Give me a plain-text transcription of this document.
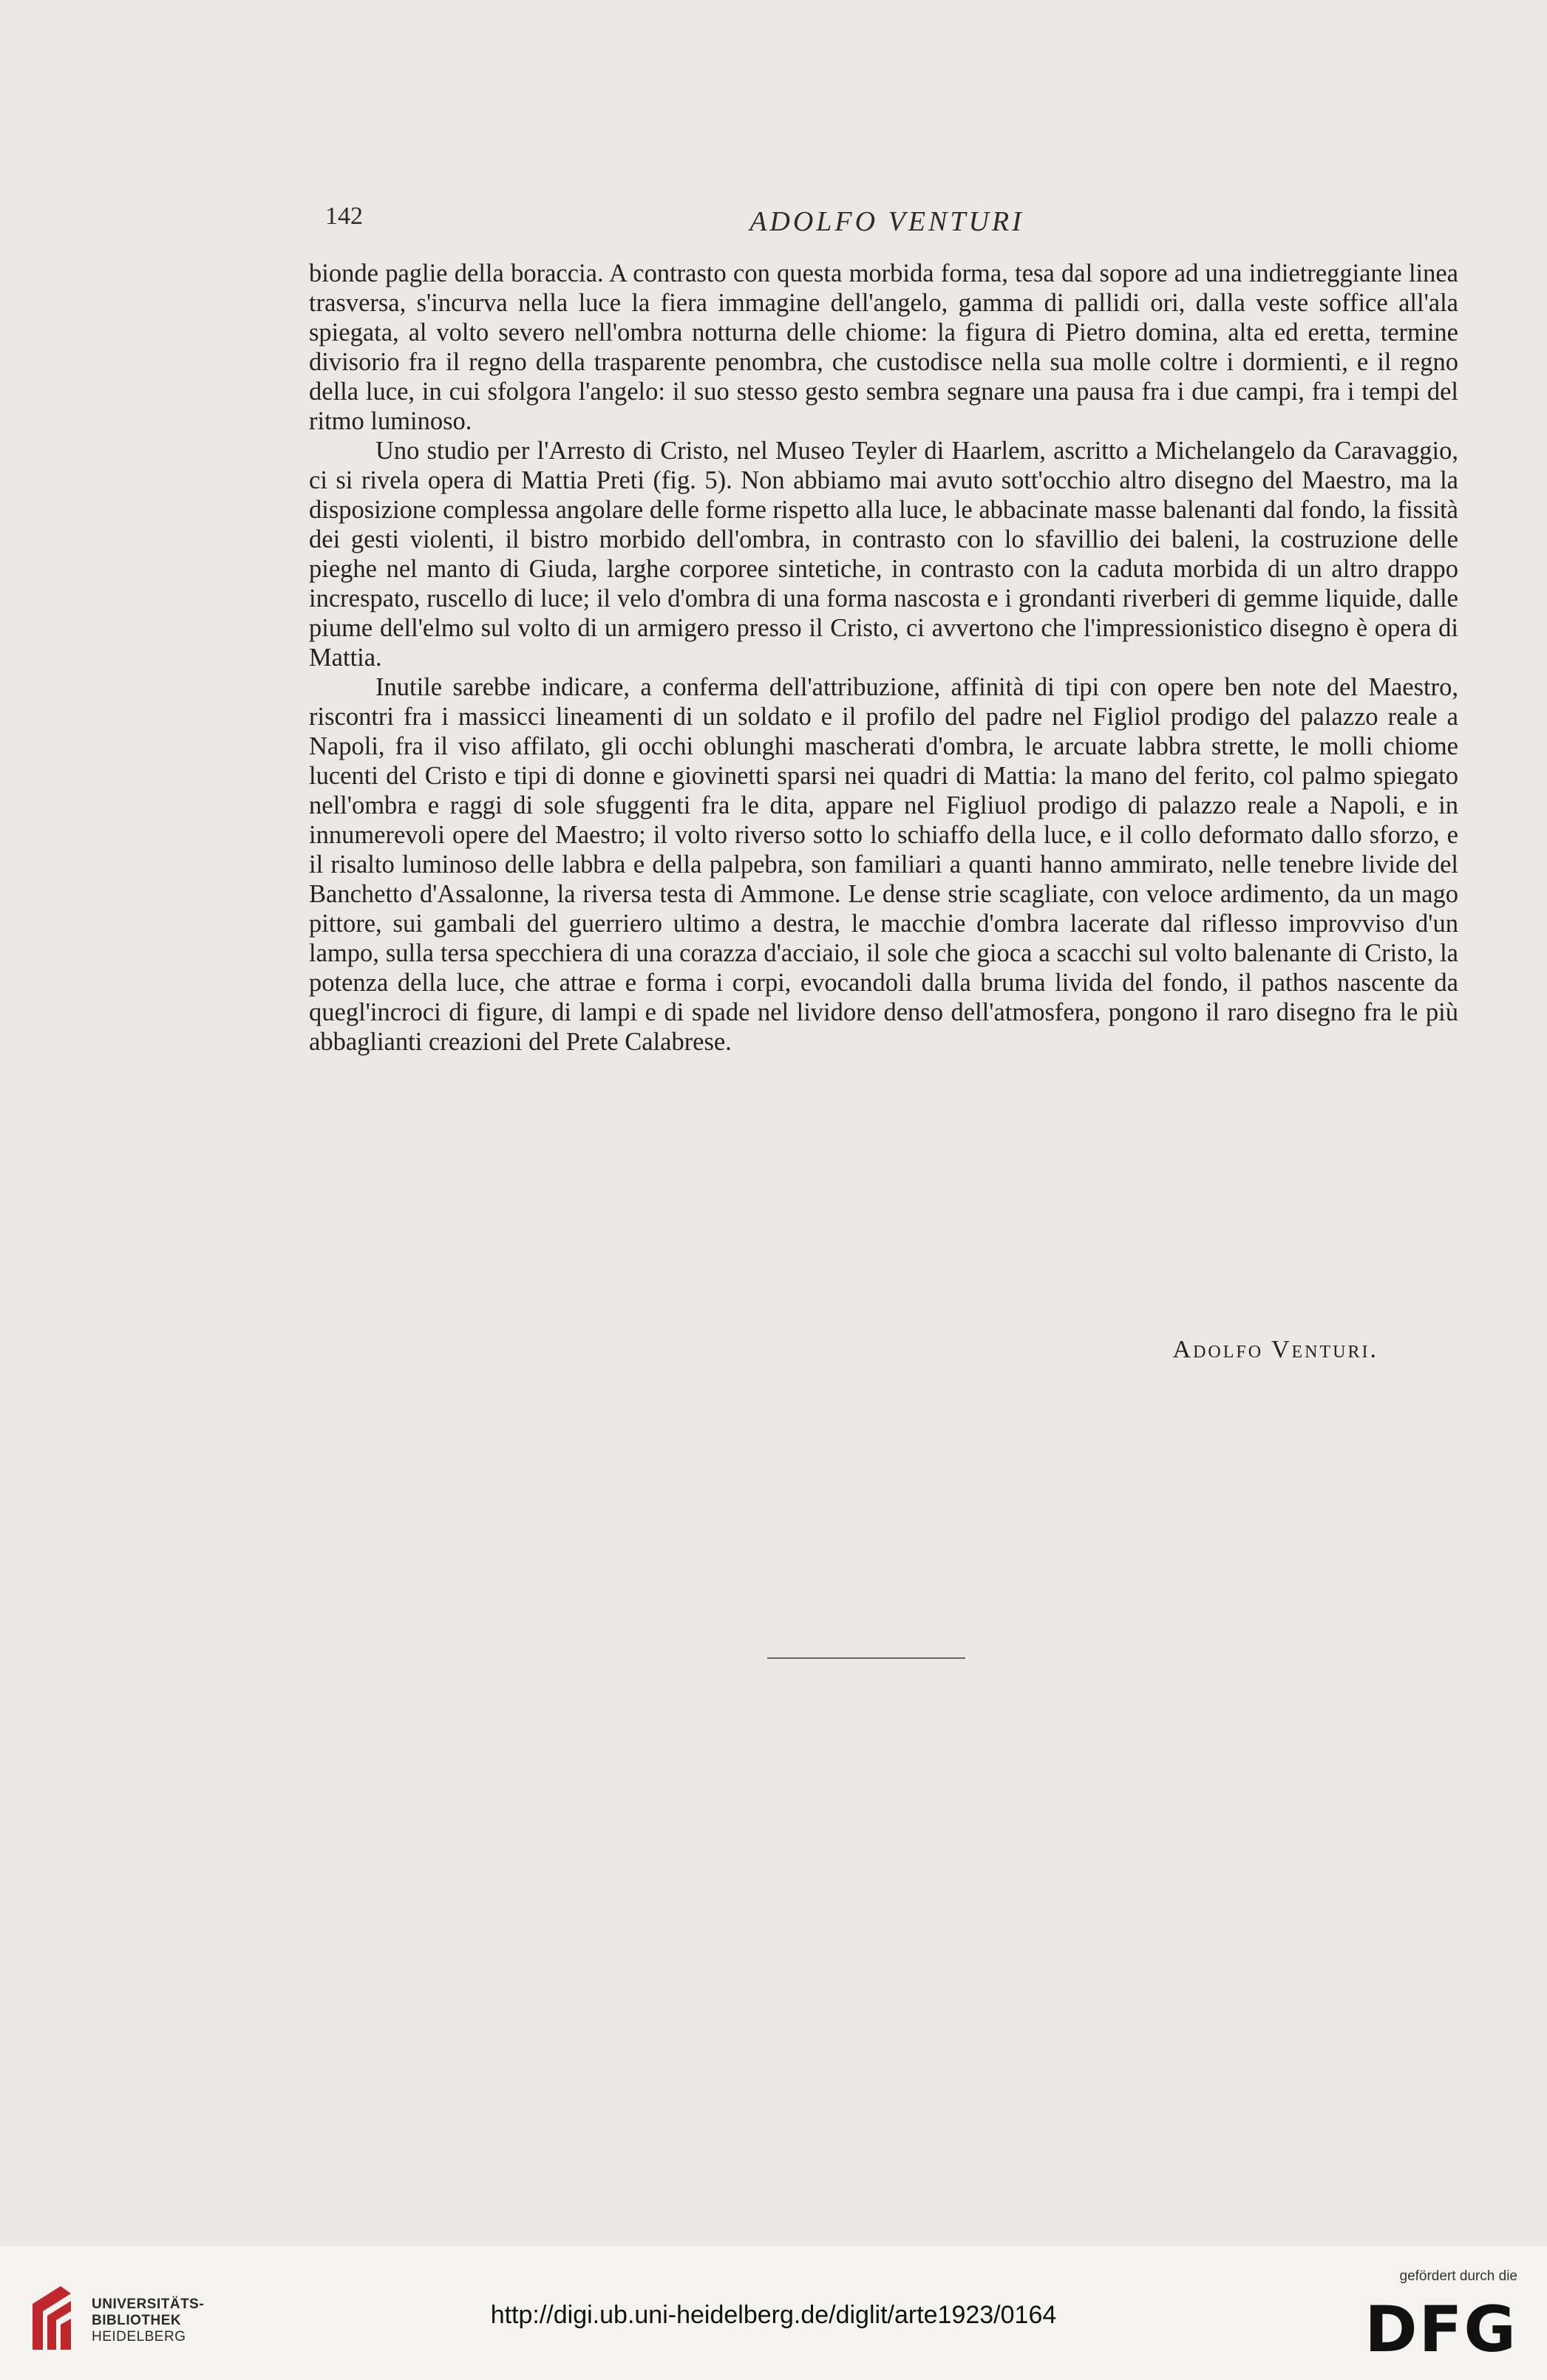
142	ADOLFO VENTURI

bionde paglie della boraccia. A contrasto con questa morbida forma, tesa dal sopore ad una indietreggiante linea trasversa, s'incurva nella luce la fiera immagine dell'angelo, gamma di pallidi ori, dalla veste soffice all'ala spiegata, al volto severo nell'ombra notturna delle chiome: la figura di Pietro domina, alta ed eretta, termine divisorio fra il regno della trasparente penombra, che custodisce nella sua molle coltre i dormienti, e il regno della luce, in cui sfolgora l'angelo: il suo stesso gesto sembra segnare una pausa fra i due campi, fra i tempi del ritmo luminoso.

Uno studio per l'Arresto di Cristo, nel Museo Teyler di Haarlem, ascritto a Michelangelo da Caravaggio, ci si rivela opera di Mattia Preti (fig. 5). Non abbiamo mai avuto sott'occhio altro disegno del Maestro, ma la disposizione complessa angolare delle forme rispetto alla luce, le abbacinate masse balenanti dal fondo, la fissità dei gesti violenti, il bistro morbido dell'ombra, in contrasto con lo sfavillio dei baleni, la costruzione delle pieghe nel manto di Giuda, larghe corporee sintetiche, in contrasto con la caduta morbida di un altro drappo increspato, ruscello di luce; il velo d'ombra di una forma nascosta e i grondanti riverberi di gemme liquide, dalle piume dell'elmo sul volto di un armigero presso il Cristo, ci avvertono che l'impressionistico disegno è opera di Mattia.

Inutile sarebbe indicare, a conferma dell'attribuzione, affinità di tipi con opere ben note del Maestro, riscontri fra i massicci lineamenti di un soldato e il profilo del padre nel Figliol prodigo del palazzo reale a Napoli, fra il viso affilato, gli occhi oblunghi mascherati d'ombra, le arcuate labbra strette, le molli chiome lucenti del Cristo e tipi di donne e giovinetti sparsi nei quadri di Mattia: la mano del ferito, col palmo spiegato nell'ombra e raggi di sole sfuggenti fra le dita, appare nel Figliuol prodigo di palazzo reale a Napoli, e in innumerevoli opere del Maestro; il volto riverso sotto lo schiaffo della luce, e il collo deformato dallo sforzo, e il risalto luminoso delle labbra e della palpebra, son familiari a quanti hanno ammirato, nelle tenebre livide del Banchetto d'Assalonne, la riversa testa di Ammone. Le dense strie scagliate, con veloce ardimento, da un mago pittore, sui gambali del guerriero ultimo a destra, le macchie d'ombra lacerate dal riflesso improvviso d'un lampo, sulla tersa specchiera di una corazza d'acciaio, il sole che gioca a scacchi sul volto balenante di Cristo, la potenza della luce, che attrae e forma i corpi, evocandoli dalla bruma livida del fondo, il pathos nascente da quegl'incroci di figure, di lampi e di spade nel lividore denso dell'atmosfera, pongono il raro disegno fra le più abbaglianti creazioni del Prete Calabrese.

Adolfo Venturi.
UNIVERSITÄTS-
BIBLIOTHEK
HEIDELBERG
http://digi.ub.uni-heidelberg.de/diglit/arte1923/0164
gefördert durch die
DFG
